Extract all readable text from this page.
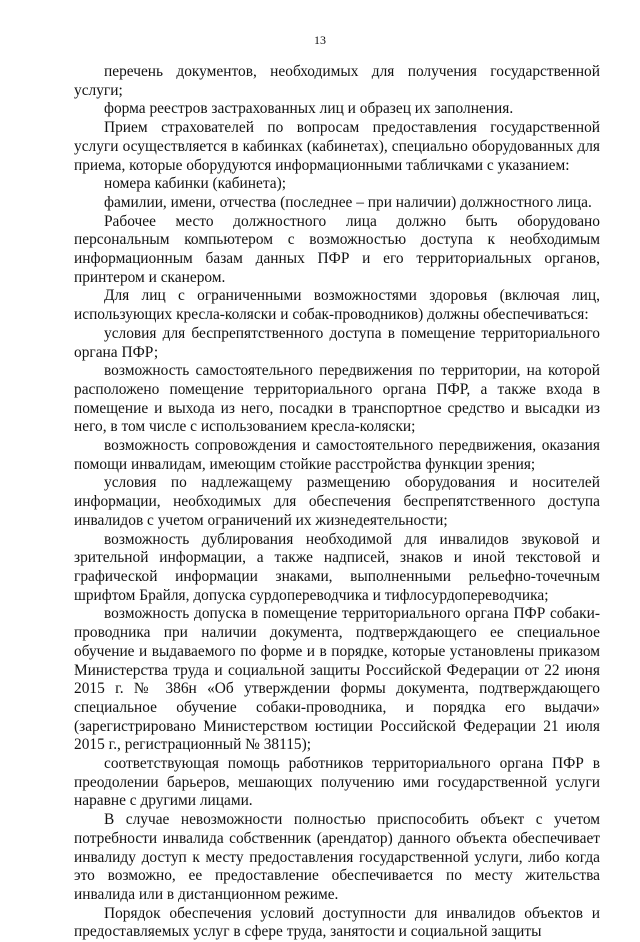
13

перечень документов, необходимых для получения государственной услуги;

форма реестров застрахованных лиц и образец их заполнения.

Прием страхователей по вопросам предоставления государственной услуги осуществляется в кабинках (кабинетах), специально оборудованных для приема, которые оборудуются информационными табличками с указанием:

номера кабинки (кабинета);

фамилии, имени, отчества (последнее – при наличии) должностного лица.

Рабочее место должностного лица должно быть оборудовано персональным компьютером с возможностью доступа к необходимым информационным базам данных ПФР и его территориальных органов, принтером и сканером.

Для лиц с ограниченными возможностями здоровья (включая лиц, использующих кресла-коляски и собак-проводников) должны обеспечиваться:

условия для беспрепятственного доступа в помещение территориального органа ПФР;

возможность самостоятельного передвижения по территории, на которой расположено помещение территориального органа ПФР, а также входа в помещение и выхода из него, посадки в транспортное средство и высадки из него, в том числе с использованием кресла-коляски;

возможность сопровождения и самостоятельного передвижения, оказания помощи инвалидам, имеющим стойкие расстройства функции зрения;

условия по надлежащему размещению оборудования и носителей информации, необходимых для обеспечения беспрепятственного доступа инвалидов с учетом ограничений их жизнедеятельности;

возможность дублирования необходимой для инвалидов звуковой и зрительной информации, а также надписей, знаков и иной текстовой и графической информации знаками, выполненными рельефно-точечным шрифтом Брайля, допуска сурдопереводчика и тифлосурдопереводчика;

возможность допуска в помещение территориального органа ПФР собаки-проводника при наличии документа, подтверждающего ее специальное обучение и выдаваемого по форме и в порядке, которые установлены приказом Министерства труда и социальной защиты Российской Федерации от 22 июня 2015 г. № 386н «Об утверждении формы документа, подтверждающего специальное обучение собаки-проводника, и порядка его выдачи» (зарегистрировано Министерством юстиции Российской Федерации 21 июля 2015 г., регистрационный № 38115);

соответствующая помощь работников территориального органа ПФР в преодолении барьеров, мешающих получению ими государственной услуги наравне с другими лицами.

В случае невозможности полностью приспособить объект с учетом потребности инвалида собственник (арендатор) данного объекта обеспечивает инвалиду доступ к месту предоставления государственной услуги, либо когда это возможно, ее предоставление обеспечивается по месту жительства инвалида или в дистанционном режиме.

Порядок обеспечения условий доступности для инвалидов объектов и предоставляемых услуг в сфере труда, занятости и социальной защиты
